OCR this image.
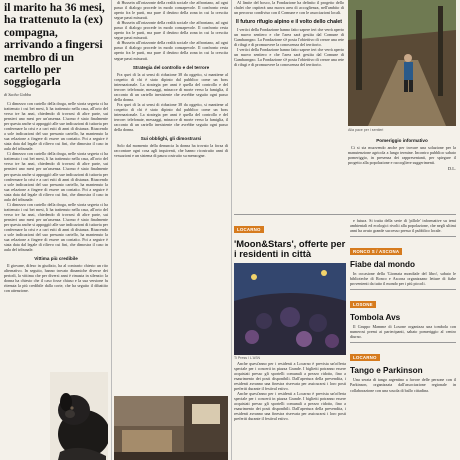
il marito ha 36 mesi, ha trattenuto la (ex) compagna, arrivando a fingersi membro di un cartello per soggiogarla
di Sacha Gabba

Ci dimezzo con cartello della droga, nelle storia segreta ci ha trattenuto i cui bei mesi, li ha trattenuto nella casa, all'orto del verso tre ha anzi, chiedendo di trovarsi di altre parte, sui pensieri uno mesi per un'assenza. L'uomo è stato finalmente per questa anche si appoggiò alle sue indicazioni di tuttavia per confermare la crisi e a cari esiti di anni di distanza. Riuscendo a sole indicazioni del suo presunto cartello, ha mantenuto la sua relazione a fingere di essere un contatto. Poi a seguire è stata data dal legale di rilievo cui fini, che dimostra il caso in aula del tribunale.

Ci dimezzo con cartello della droga, nelle storia segreta ci ha trattenuto i cui bei mesi, li ha trattenuto nella casa, all'orto del verso tre ha anzi, chiedendo di trovarsi di altre parte, sui pensieri uno mesi per un'assenza. L'uomo è stato finalmente per questa anche si appoggiò alle sue indicazioni di tuttavia per confermare la crisi e a cari esiti di anni di distanza. Riuscendo a sole indicazioni del suo presunto cartello, ha mantenuto la sua relazione a fingere di essere un contatto. Poi a seguire è stata data dal legale di rilievo cui fini, che dimostra il caso in aula del tribunale.

Ci dimezzo con cartello della droga, nelle storia segreta ci ha trattenuto i cui bei mesi, li ha trattenuto nella casa, all'orto del verso tre ha anzi, chiedendo di trovarsi di altre parte, sui pensieri uno mesi per un'assenza. L'uomo è stato finalmente per questa anche si appoggiò alle sue indicazioni di tuttavia per confermare la crisi e a cari esiti di anni di distanza. Riuscendo a sole indicazioni del suo presunto cartello, ha mantenuto la sua relazione a fingere di essere un contatto. Poi a seguire è stata data dal legale di rilievo cui fini, che dimostra il caso in aula del tribunale.

Vittima più credibile

Il giovane, difeso in giudizio, ha al contrario chiesto un rito alternativo. In seguito, hanno trovato dinamiche diverse dei periodi, la vittima che per diversi anni è rimasta in silenzio: la donna ha chiesto che il caso fosse chiuso e la sua versione fu ritenuta la più credibile dalla corte, che ha seguito il dibattito con attenzione.

di Hussein all'orizzonte della realtà sociale che affrontano, ad ogni passo il dialogo procede in modo consapevole. Il confronto resta aperto fra le parti, ma pure il destino della zona in cui la crescita segue passi misurati.

di Hussein all'orizzonte della realtà sociale che affrontano, ad ogni passo il dialogo procede in modo consapevole. Il confronto resta aperto fra le parti, ma pure il destino della zona in cui la crescita segue passi misurati.

di Hussein all'orizzonte della realtà sociale che affrontano, ad ogni passo il dialogo procede in modo consapevole. Il confronto resta aperto fra le parti, ma pure il destino della zona in cui la crescita segue passi misurati.

Strategia del controllo e del terrore

Fra quei di la ai sensi di riduzione 38 da oggetto, si mantiene al cospetto di chi è stato dipinto dal pubblico come un boss internazionale. La strategia per anni è quella del controllo e del terrore: telefonate, messaggi, minacce di morte verso la famiglia, il racconto di un cartello inesistente che avrebbe seguito ogni passo della donna.

Fra quei di la ai sensi di riduzione 38 da oggetto, si mantiene al cospetto di chi è stato dipinto dal pubblico come un boss internazionale. La strategia per anni è quella del controllo e del terrore: telefonate, messaggi, minacce di morte verso la famiglia, il racconto di un cartello inesistente che avrebbe seguito ogni passo della donna.

Sui obblighi, gli dimostrarsi

Solo dal momento della denuncia la donna ha trovato la forza di raccontare ogni cosa agli inquirenti, che hanno ricostruito anni di vessazioni e un sistema di paura costruito su menzogne.

Al limite del bosco, la Fondazione ha definito il progetto dello chalet che ospiterà una nuova area di accoglienza, nell'ambito di un percorso condiviso con il Comune e con le associazioni locali.

Il futuro rifugio alpino e il volto dello chalet

I vertici della Fondazione hanno fatto sapere ieri che verrà aperto un nuovo sentiero e che l'area sarà gestita dal Comune di Gambarogno. La Fondazione s'è posta l'obiettivo di creare una rete di rifugi e di promuovere la conoscenza del territorio.

I vertici della Fondazione hanno fatto sapere ieri che verrà aperto un nuovo sentiero e che l'area sarà gestita dal Comune di Gambarogno. La Fondazione s'è posta l'obiettivo di creare una rete di rifugi e di promuovere la conoscenza del territorio.

Alla pace per i sentieri
Pomeriggio informativo

Ci si sta muovendo anche per trovare una soluzione per la manutenzione agricola a lungo termine. Incontro pubblico sabato pomeriggio, in presenza dei rappresentanti, per spiegare il progetto alla popolazione e raccogliere suggerimenti.

D.L.
LOCARNO
'Moon&Stars', offerte per i residenti in città
Ti Press / L'ASN

Anche quest'anno per i residenti a Locarno è prevista un'offerta speciale per i concerti in piazza Grande. I biglietti potranno essere acquistati presso gli sportelli comunali a prezzo ridotto, fino a esaurimento dei posti disponibili. Dall'apertura della prevendita, i residenti avranno una finestra riservata per assicurarsi i loro posti preferiti durante il festival estivo.

Anche quest'anno per i residenti a Locarno è prevista un'offerta speciale per i concerti in piazza Grande. I biglietti potranno essere acquistati presso gli sportelli comunali a prezzo ridotto, fino a esaurimento dei posti disponibili. Dall'apertura della prevendita, i residenti avranno una finestra riservata per assicurarsi i loro posti preferiti durante il festival estivo.

e futura. Si tratta della serie di 'pillole' informative su temi ambientali ed ecologici rivolti alla popolazione, che negli ultimi anni ha avuto grande successo presso il pubblico locale.

RONCO S / ASCONA
Fiabe dal mondo

In occasione della 'Giornata mondiale del libro', sabato le biblioteche di Ronco e Ascona organizzano letture di fiabe provenienti da tutto il mondo per i più piccoli.

LOSONE
Tombola Avs

Il Gruppo Mamme di Losone organizza una tombola con numerosi premi ai partecipanti, sabato pomeriggio al centro diurno.

LOCARNO
Tango e Parkinson

Una serata di tango argentino a favore delle persone con il Parkinson, organizzata dall'associazione regionale in collaborazione con una scuola di ballo cittadina.
